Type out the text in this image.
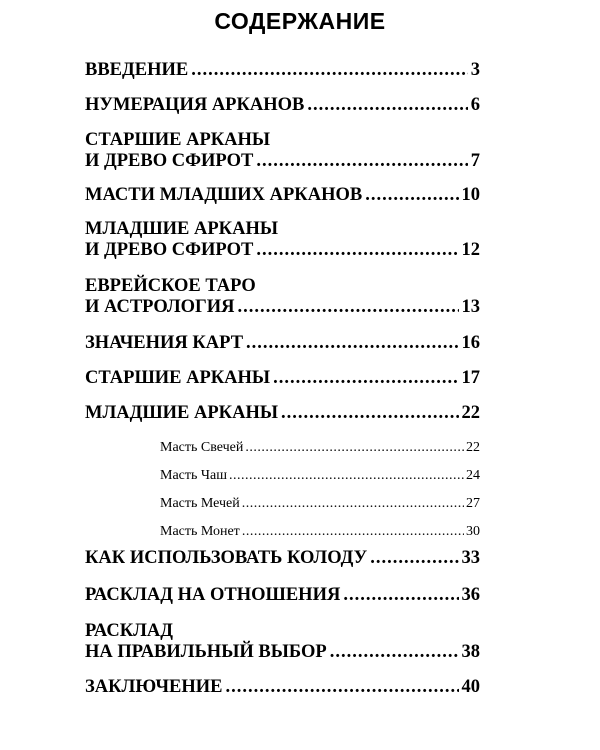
СОДЕРЖАНИЕ
ВВЕДЕНИЕ .....	3
НУМЕРАЦИЯ АРКАНОВ .....	6
СТАРШИЕ АРКАНЫ
И ДРЕВО СФИРОТ .....	7
МАСТИ МЛАДШИХ АРКАНОВ .....	10
МЛАДШИЕ АРКАНЫ
И ДРЕВО СФИРОТ .....	12
ЕВРЕЙСКОЕ ТАРО
И АСТРОЛОГИЯ .....	13
ЗНАЧЕНИЯ КАРТ .....	16
СТАРШИЕ АРКАНЫ .....	17
МЛАДШИЕ АРКАНЫ .....	22
Масть Свечей .....	22
Масть Чаш .....	24
Масть Мечей .....	27
Масть Монет .....	30
КАК ИСПОЛЬЗОВАТЬ КОЛОДУ .....	33
РАСКЛАД НА ОТНОШЕНИЯ .....	36
РАСКЛАД
НА ПРАВИЛЬНЫЙ ВЫБОР .....	38
ЗАКЛЮЧЕНИЕ .....	40
